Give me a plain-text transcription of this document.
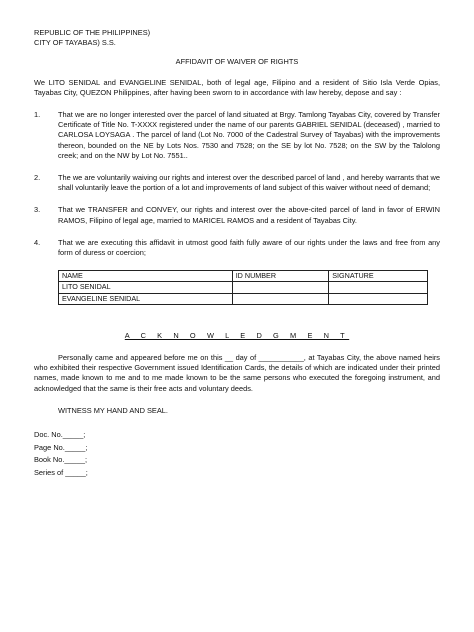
REPUBLIC OF THE PHILIPPINES)
CITY OF TAYABAS) S.S.
AFFIDAVIT OF WAIVER OF RIGHTS

We LITO SENIDAL and EVANGELINE SENIDAL, both of legal age, Filipino and a resident of Sitio Isla Verde Opias, Tayabas City, QUEZON Philippines, after having been sworn to in accordance with law hereby, depose and say :

1.	That we are no longer interested over the parcel of land situated at Brgy. Tamlong Tayabas City, covered by Transfer Certificate of Title No. T-XXXX registered under the name of our parents GABRIEL SENIDAL (deceased) , married to CARLOSA LOYSAGA . The parcel of land (Lot No. 7000 of the Cadestral Survey of Tayabas) with the improvements thereon, bounded on the NE by Lots Nos. 7530 and 7528; on the SE by lot No. 7528; on the SW by the Talolong creek; and on the NW by Lot No. 7551..
2.	The we are voluntarily waiving our rights and interest over the described parcel of land , and hereby warrants that we shall voluntarily leave the portion of a lot and improvements of land subject of this waiver without need of demand;
3.	That we TRANSFER and CONVEY, our rights and interest over the above-cited parcel of land in favor of ERWIN RAMOS, Filipino of legal age, married to MARICEL RAMOS and a resident of Tayabas City.
4.	That we are executing this affidavit in utmost good faith fully aware of our rights under the laws and free from any form of duress or coercion;
NAME	ID NUMBER	SIGNATURE
LITO SENIDAL		
EVANGELINE SENIDAL		
A C K N O W L E D G M E N T

Personally came and appeared before me on this __ day of ___________, at Tayabas City, the above named heirs who exhibited their respective Government issued Identification Cards, the details of which are indicated under their printed names, made known to me and to me made known to be the same persons who executed the foregoing instrument, and acknowledged that the same is their free acts and voluntary deeds.

WITNESS MY HAND AND SEAL.
Doc. No._____;
Page No._____;
Book No._____;
Series of _____;
